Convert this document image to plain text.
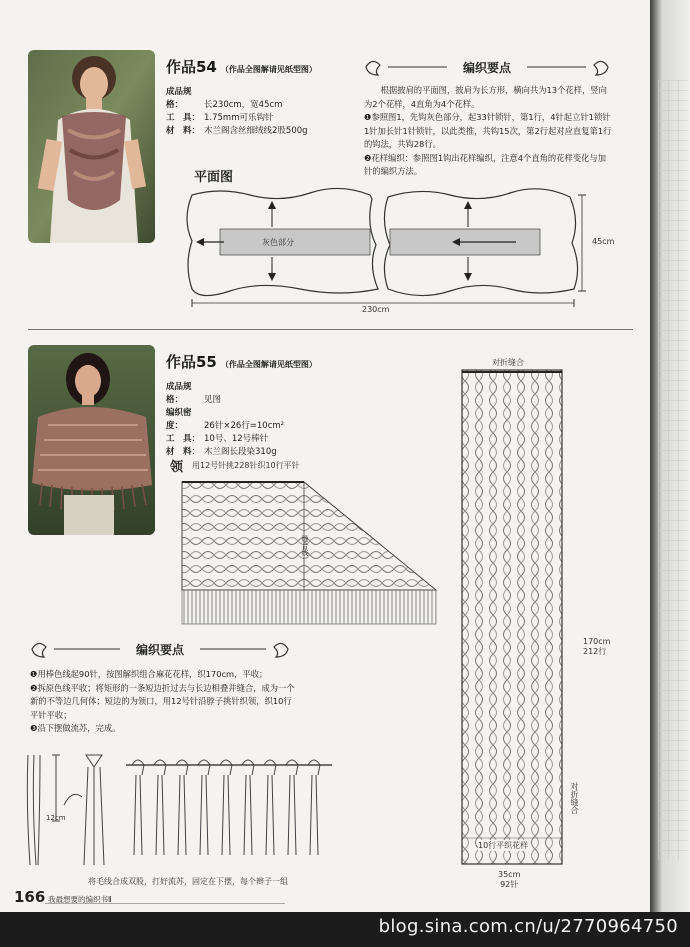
作品54 （作品全图解请见纸型图）
成品规格： 长230cm，宽45cm
工　具： 1.75mm可乐钩针
材　料： 木兰阁含丝细绒线2股500g
编织要点
　　根据披肩的平面图，披肩为长方形，横向共为13个花样，竖向为2个花样，4直角为4个花样。
❶参照图1，先钩灰色部分，起33针锁针，第1行，4针起立针1锁针1针加长针1针锁针，以此类推，共钩15次，第2行起对应直复第1行的钩法，共钩28行。
❷花样编织：参照图1钩出花样编织，注意4个直角的花样变化与加针的编织方法。
平面图
灰色部分	45cm
230cm
作品55 （作品全图解请见纸型图）
成品规格： 见图
编织密度： 26针×26行=10cm²
工　具： 10号、12号棒针
材　料： 木兰阁长段染310g
领 用12号针挑228针织10行平针
缝合线
对折缝合
170cm
212行
对折缝合
10行平织花样
35cm
92针
编织要点
❶用棒色线起90针，按图解织组合麻花花样，织170cm，平收；
❷拆原色线平收；将矩形的一条短边折过去与长边相叠并缝合，成为一个新的不等边几何体；短边的为领口，用12号针沿脖子挑针织领，织10行平针平收；
❸沿下摆做流苏，完成。
12cm
将毛线合成双股，打好流苏，固定在下摆，每个辫子一组
166 我最想要的编织书Ⅱ
blog.sina.com.cn/u/2770964750
